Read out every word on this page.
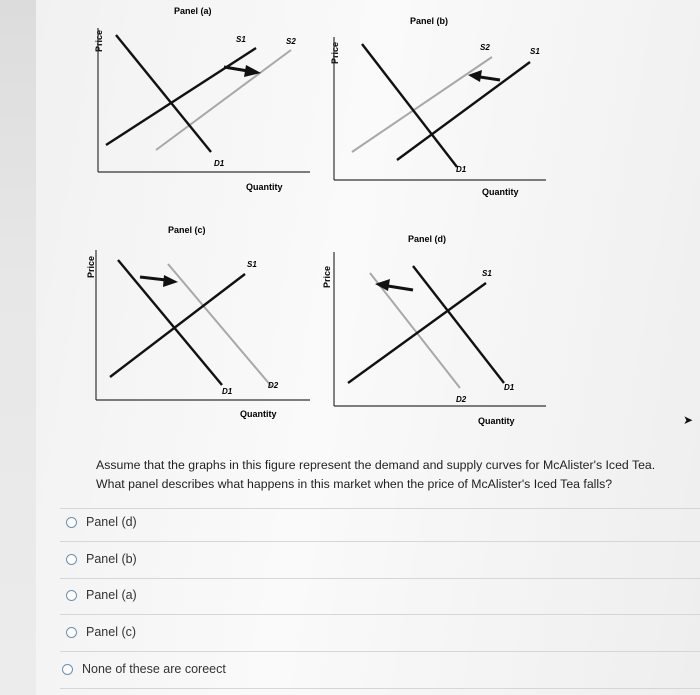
Panel (a)
Price	S1	S2
D1
Quantity
Panel (b)
Price	S2	S1
D1
Quantity
Panel (c)
Price	S1
D1
D2
Quantity
Panel (d)
Price	S1
D1
D2
Quantity
Assume that the graphs in this figure represent the demand and supply curves for McAlister's Iced Tea.
What panel describes what happens in this market when the price of McAlister's Iced Tea falls?
Panel (d)
Panel (b)
Panel (a)
Panel (c)
None of these are coreect
➤
